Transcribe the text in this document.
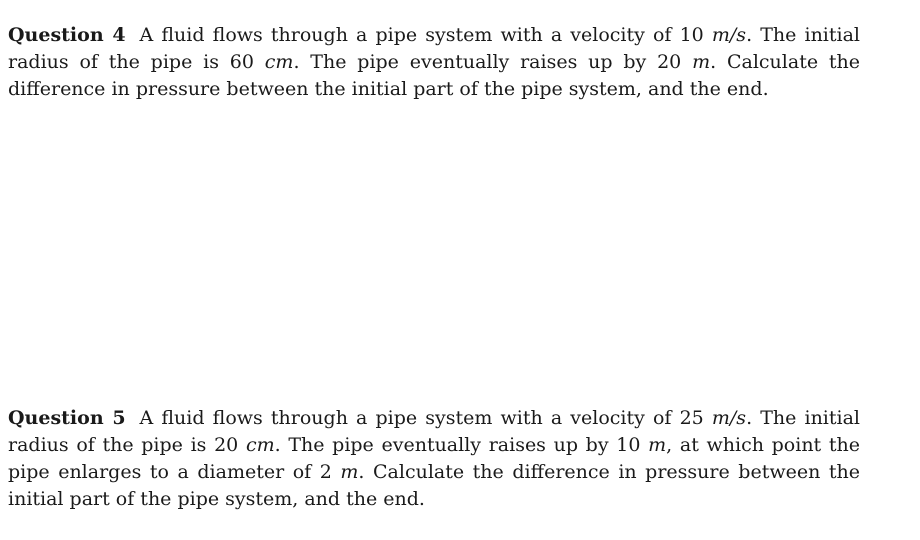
Question 4 A fluid flows through a pipe system with a velocity of 10 m/s. The initial radius of the pipe is 60 cm. The pipe eventually raises up by 20 m. Calculate the difference in pressure between the initial part of the pipe system, and the end.
Question 5 A fluid flows through a pipe system with a velocity of 25 m/s. The initial radius of the pipe is 20 cm. The pipe eventually raises up by 10 m, at which point the pipe enlarges to a diameter of 2 m. Calculate the difference in pressure between the initial part of the pipe system, and the end.
